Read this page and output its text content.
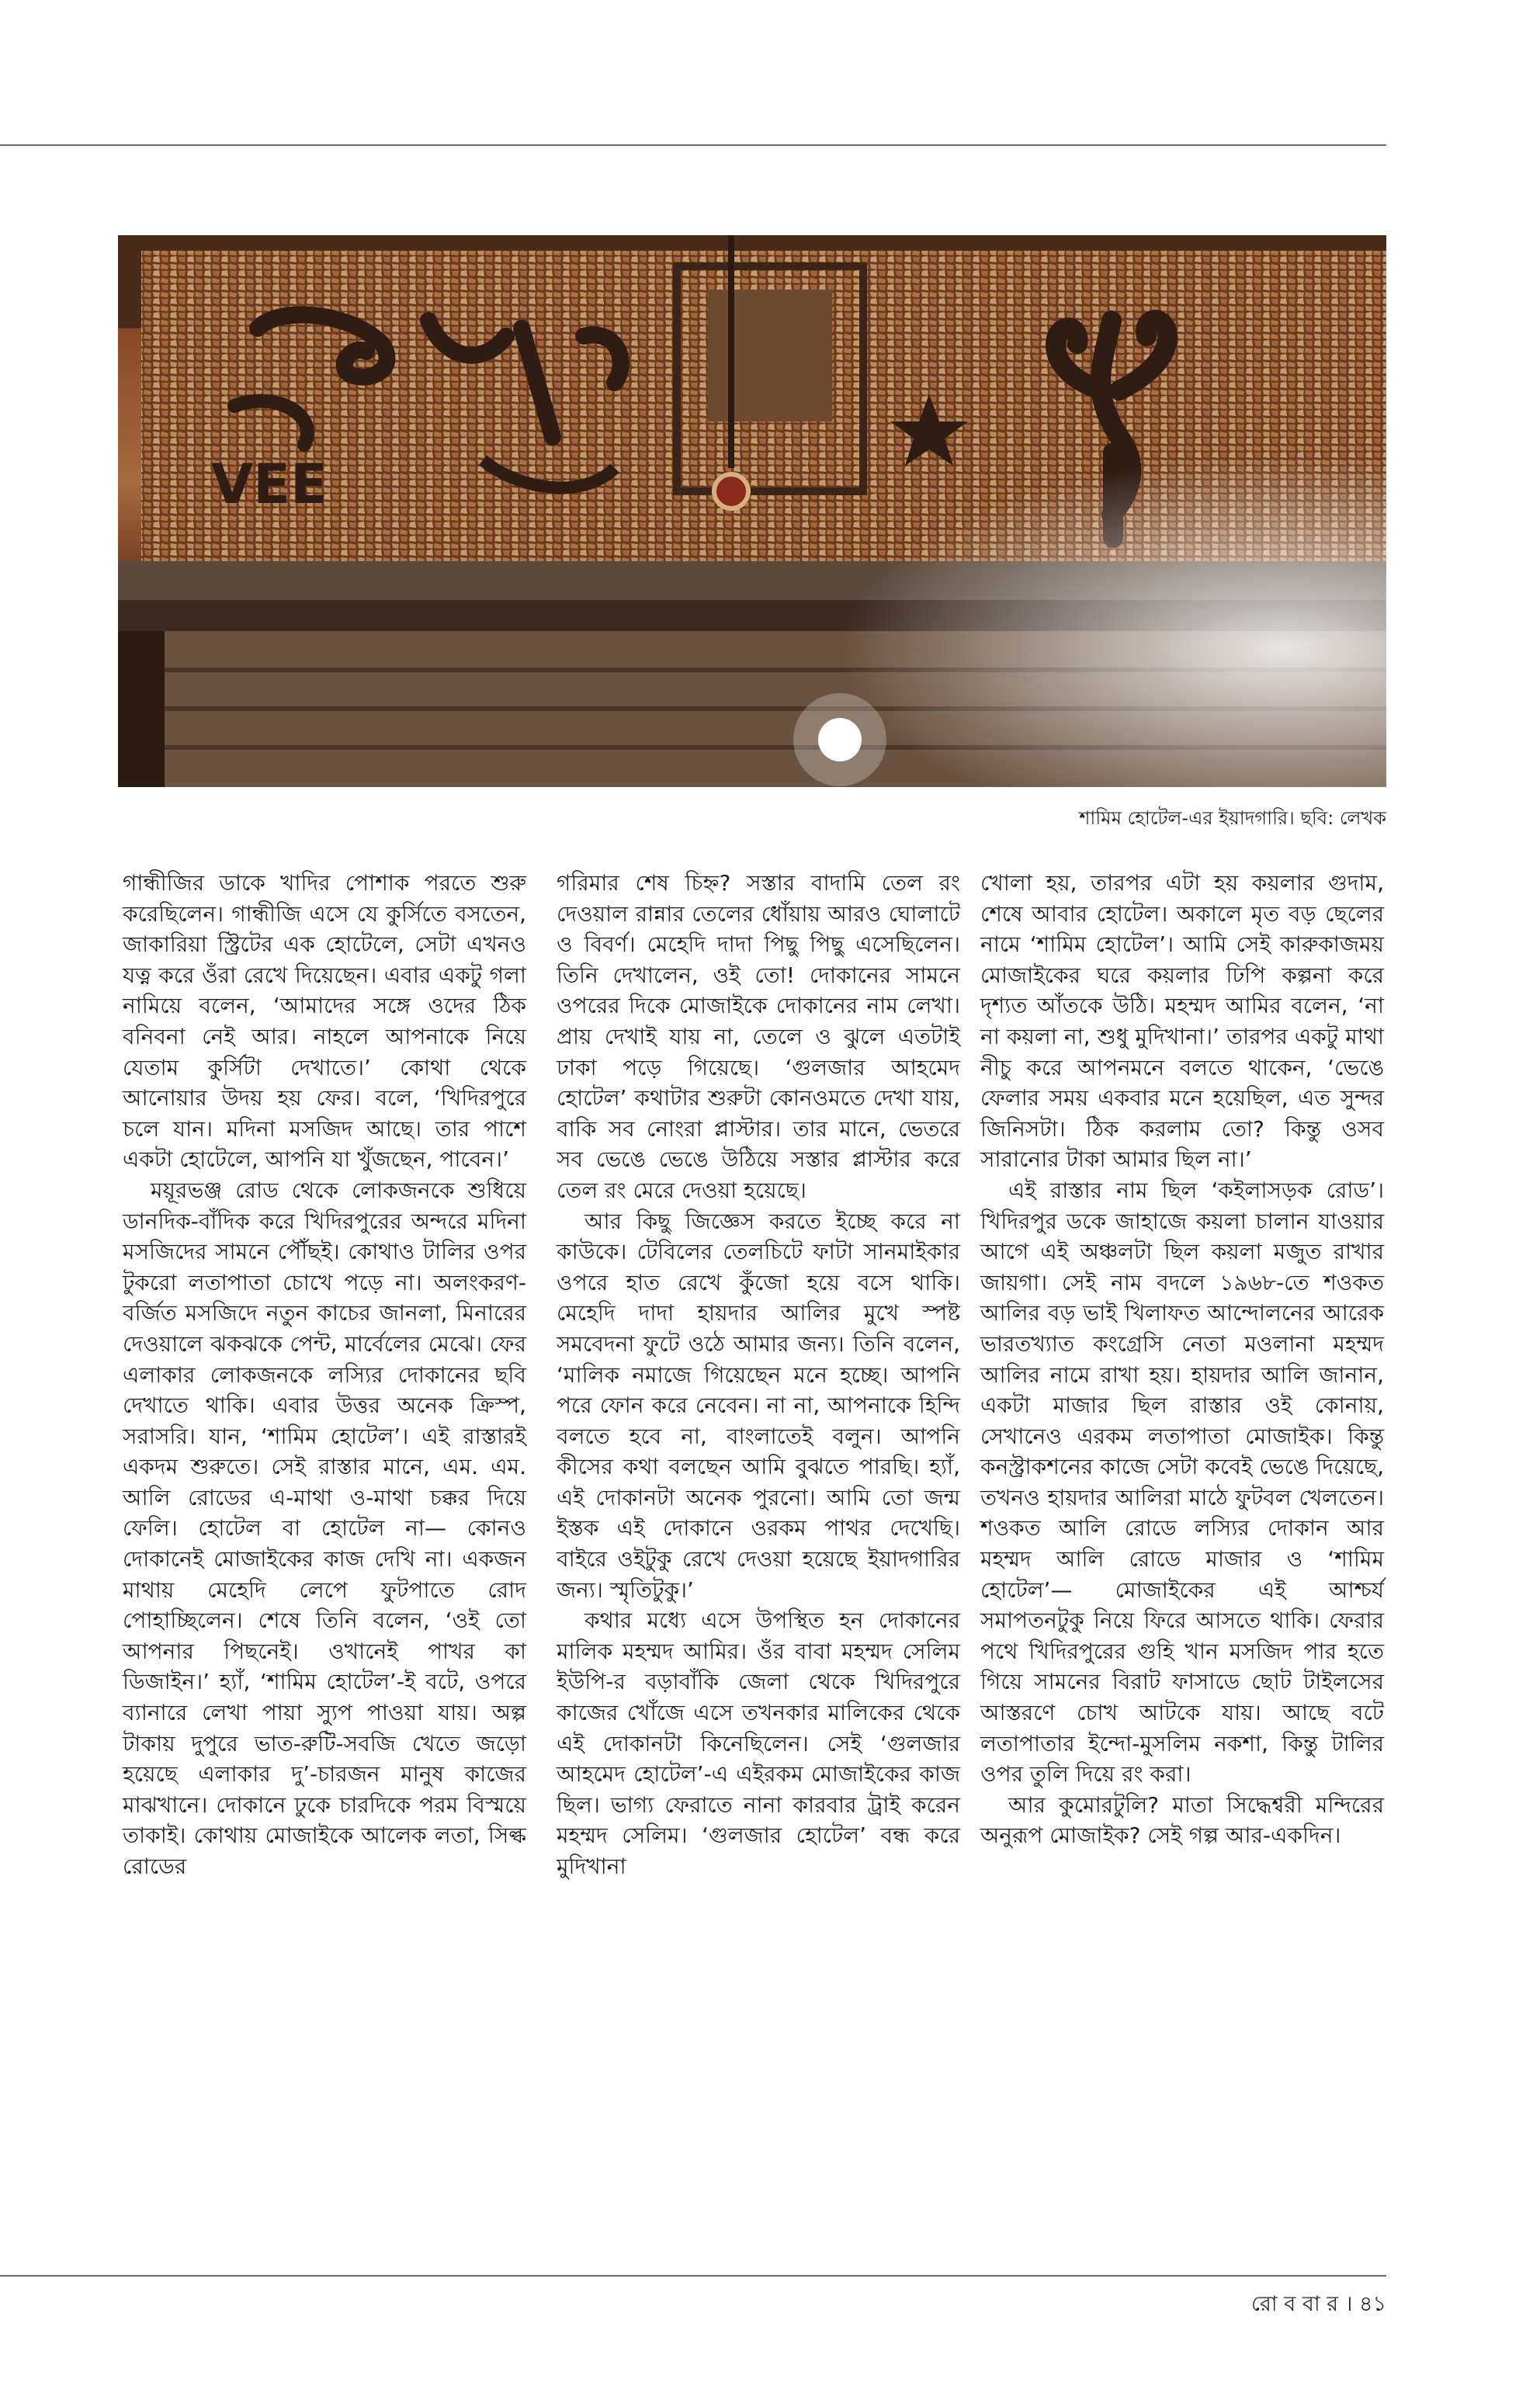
শামিম হোটেল-এর ইয়াদগারি। ছবি: লেখক

গান্ধীজির ডাকে খাদির পোশাক পরতে শুরু করেছিলেন। গান্ধীজি এসে যে কুর্সিতে বসতেন, জাকারিয়া স্ট্রিটের এক হোটেলে, সেটা এখনও যত্ন করে ওঁরা রেখে দিয়েছেন। এবার একটু গলা নামিয়ে বলেন, ‘আমাদের সঙ্গে ওদের ঠিক বনিবনা নেই আর। নাহলে আপনাকে নিয়ে যেতাম কুর্সিটা দেখাতে।’ কোথা থেকে আনোয়ার উদয় হয় ফের। বলে, ‘খিদিরপুরে চলে যান। মদিনা মসজিদ আছে। তার পাশে একটা হোটেলে, আপনি যা খুঁজছেন, পাবেন।’

ময়ূরভঞ্জ রোড থেকে লোকজনকে শুধিয়ে ডানদিক-বাঁদিক করে খিদিরপুরের অন্দরে মদিনা মসজিদের সামনে পৌঁছই। কোথাও টালির ওপর টুকরো লতাপাতা চোখে পড়ে না। অলংকরণ-বর্জিত মসজিদে নতুন কাচের জানলা, মিনারের দেওয়ালে ঝকঝকে পেন্ট, মার্বেলের মেঝে। ফের এলাকার লোকজনকে লস্যির দোকানের ছবি দেখাতে থাকি। এবার উত্তর অনেক ক্রিস্প, সরাসরি। যান, ‘শামিম হোটেল’। এই রাস্তারই একদম শুরুতে। সেই রাস্তার মানে, এম. এম. আলি রোডের এ-মাথা ও-মাথা চক্কর দিয়ে ফেলি। হোটেল বা হোটেল না— কোনও দোকানেই মোজাইকের কাজ দেখি না। একজন মাথায় মেহেদি লেপে ফুটপাতে রোদ পোহাচ্ছিলেন। শেষে তিনি বলেন, ‘ওই তো আপনার পিছনেই। ওখানেই পাখর কা ডিজাইন।’ হ্যাঁ, ‘শামিম হোটেল’-ই বটে, ওপরে ব্যানারে লেখা পায়া স্যুপ পাওয়া যায়। অল্প টাকায় দুপুরে ভাত-রুটি-সবজি খেতে জড়ো হয়েছে এলাকার দু’-চারজন মানুষ কাজের মাঝখানে। দোকানে ঢুকে চারদিকে পরম বিস্ময়ে তাকাই। কোথায় মোজাইকে আলেক লতা, সিল্ক রোডের

গরিমার শেষ চিহ্ন? সস্তার বাদামি তেল রং দেওয়াল রান্নার তেলের ধোঁয়ায় আরও ঘোলাটে ও বিবর্ণ। মেহেদি দাদা পিছু পিছু এসেছিলেন। তিনি দেখালেন, ওই তো! দোকানের সামনে ওপরের দিকে মোজাইকে দোকানের নাম লেখা। প্রায় দেখাই যায় না, তেলে ও ঝুলে এতটাই ঢাকা পড়ে গিয়েছে। ‘গুলজার আহমেদ হোটেল’ কথাটার শুরুটা কোনওমতে দেখা যায়, বাকি সব নোংরা প্লাস্টার। তার মানে, ভেতরে সব ভেঙে ভেঙে উঠিয়ে সস্তার প্লাস্টার করে তেল রং মেরে দেওয়া হয়েছে।

আর কিছু জিজ্ঞেস করতে ইচ্ছে করে না কাউকে। টেবিলের তেলচিটে ফাটা সানমাইকার ওপরে হাত রেখে কুঁজো হয়ে বসে থাকি। মেহেদি দাদা হায়দার আলির মুখে স্পষ্ট সমবেদনা ফুটে ওঠে আমার জন্য। তিনি বলেন, ‘মালিক নমাজে গিয়েছেন মনে হচ্ছে। আপনি পরে ফোন করে নেবেন। না না, আপনাকে হিন্দি বলতে হবে না, বাংলাতেই বলুন। আপনি কীসের কথা বলছেন আমি বুঝতে পারছি। হ্যাঁ, এই দোকানটা অনেক পুরনো। আমি তো জন্ম ইস্তক এই দোকানে ওরকম পাথর দেখেছি। বাইরে ওইটুকু রেখে দেওয়া হয়েছে ইয়াদগারির জন্য। স্মৃতিটুকু।’

কথার মধ্যে এসে উপস্থিত হন দোকানের মালিক মহম্মদ আমির। ওঁর বাবা মহম্মদ সেলিম ইউপি-র বড়াবাঁকি জেলা থেকে খিদিরপুরে কাজের খোঁজে এসে তখনকার মালিকের থেকে এই দোকানটা কিনেছিলেন। সেই ‘গুলজার আহমেদ হোটেল’-এ এইরকম মোজাইকের কাজ ছিল। ভাগ্য ফেরাতে নানা কারবার ট্রাই করেন মহম্মদ সেলিম। ‘গুলজার হোটেল’ বন্ধ করে মুদিখানা

খোলা হয়, তারপর এটা হয় কয়লার গুদাম, শেষে আবার হোটেল। অকালে মৃত বড় ছেলের নামে ‘শামিম হোটেল’। আমি সেই কারুকাজময় মোজাইকের ঘরে কয়লার ঢিপি কল্পনা করে দৃশ্যত আঁতকে উঠি। মহম্মদ আমির বলেন, ‘না না কয়লা না, শুধু মুদিখানা।’ তারপর একটু মাথা নীচু করে আপনমনে বলতে থাকেন, ‘ভেঙে ফেলার সময় একবার মনে হয়েছিল, এত সুন্দর জিনিসটা। ঠিক করলাম তো? কিন্তু ওসব সারানোর টাকা আমার ছিল না।’

এই রাস্তার নাম ছিল ‘কইলাসড়ক রোড’। খিদিরপুর ডকে জাহাজে কয়লা চালান যাওয়ার আগে এই অঞ্চলটা ছিল কয়লা মজুত রাখার জায়গা। সেই নাম বদলে ১৯৬৮-তে শওকত আলির বড় ভাই খিলাফত আন্দোলনের আরেক ভারতখ্যাত কংগ্রেসি নেতা মওলানা মহম্মদ আলির নামে রাখা হয়। হায়দার আলি জানান, একটা মাজার ছিল রাস্তার ওই কোনায়, সেখানেও এরকম লতাপাতা মোজাইক। কিন্তু কনস্ট্রাকশনের কাজে সেটা কবেই ভেঙে দিয়েছে, তখনও হায়দার আলিরা মাঠে ফুটবল খেলতেন। শওকত আলি রোডে লস্যির দোকান আর মহম্মদ আলি রোডে মাজার ও ‘শামিম হোটেল’— মোজাইকের এই আশ্চর্য সমাপতনটুকু নিয়ে ফিরে আসতে থাকি। ফেরার পথে খিদিরপুরের গুহি খান মসজিদ পার হতে গিয়ে সামনের বিরাট ফাসাডে ছোট টাইলসের আস্তরণে চোখ আটকে যায়। আছে বটে লতাপাতার ইন্দো-মুসলিম নকশা, কিন্তু টালির ওপর তুলি দিয়ে রং করা।

আর কুমোরটুলি? মাতা সিদ্ধেশ্বরী মন্দিরের অনুরূপ মোজাইক? সেই গল্প আর-একদিন।

রো ব বা র । ৪১
